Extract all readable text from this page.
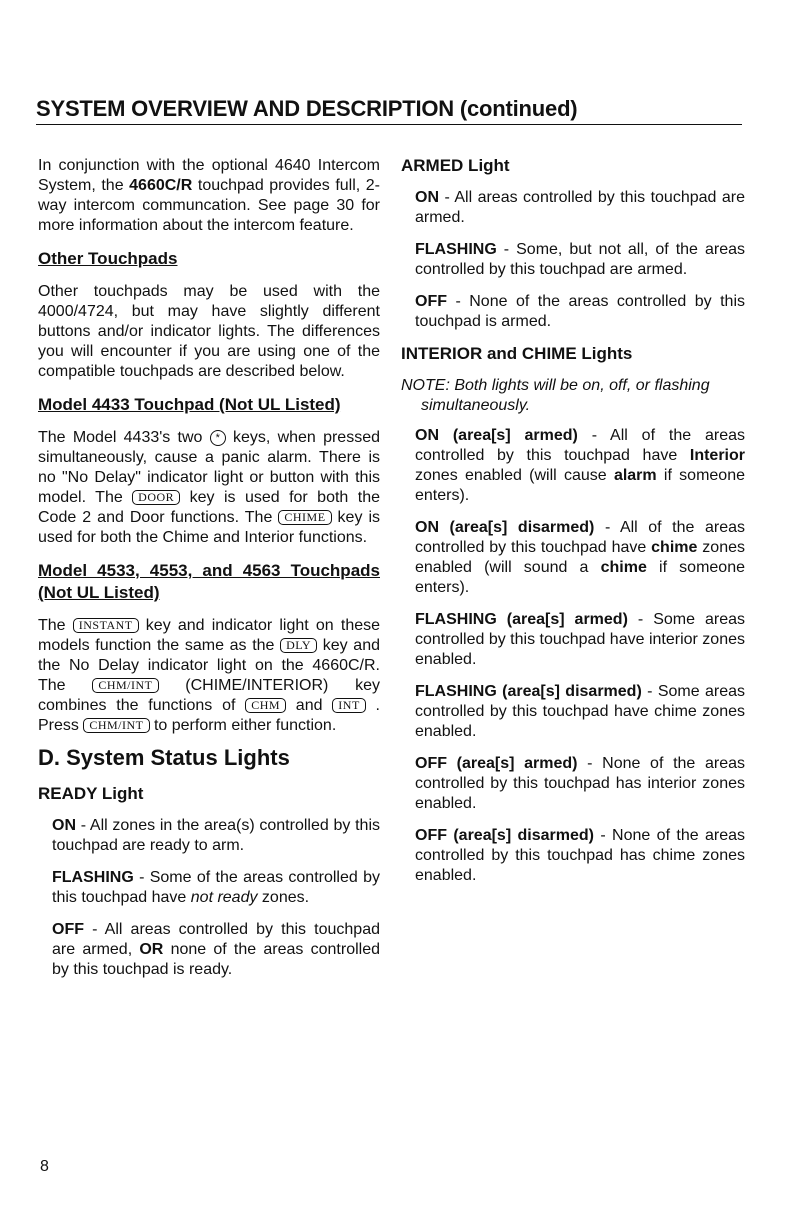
SYSTEM OVERVIEW AND DESCRIPTION (continued)

In conjunction with the optional 4640 Intercom System, the 4660C/R touchpad provides full, 2-way intercom communcation. See page 30 for more information about the intercom feature.

Other Touchpads

Other touchpads may be used with the 4000/4724, but may have slightly different buttons and/or indicator lights. The differences you will encounter if you are using one of the compatible touchpads are described below.

Model 4433 Touchpad (Not UL Listed)

The Model 4433's two * keys, when pressed simultaneously, cause a panic alarm. There is no "No Delay" indicator light or button with this model. The DOOR key is used for both the Code 2 and Door functions. The CHIME key is used for both the Chime and Interior functions.

Model 4533, 4553, and 4563 Touchpads (Not UL Listed)

The INSTANT key and indicator light on these models function the same as the DLY key and the No Delay indicator light on the 4660C/R. The CHM/INT (CHIME/INTERIOR) key combines the functions of CHM and INT . Press CHM/INT to perform either function.

D. System Status Lights
READY Light

ON - All zones in the area(s) controlled by this touchpad are ready to arm.

FLASHING - Some of the areas controlled by this touchpad have not ready zones.

OFF - All areas controlled by this touchpad are armed, OR none of the areas controlled by this touchpad is ready.

ARMED Light

ON - All areas controlled by this touchpad are armed.

FLASHING - Some, but not all, of the areas controlled by this touchpad are armed.

OFF - None of the areas controlled by this touchpad is armed.

INTERIOR and CHIME Lights

NOTE: Both lights will be on, off, or flashing
simultaneously.

ON (area[s] armed) - All of the areas controlled by this touchpad have Interior zones enabled (will cause alarm if someone enters).

ON (area[s] disarmed) - All of the areas controlled by this touchpad have chime zones enabled (will sound a chime if someone enters).

FLASHING (area[s] armed) - Some areas controlled by this touchpad have interior zones enabled.

FLASHING (area[s] disarmed) - Some areas controlled by this touchpad have chime zones enabled.

OFF (area[s] armed) - None of the areas controlled by this touchpad has interior zones enabled.

OFF (area[s] disarmed) - None of the areas controlled by this touchpad has chime zones enabled.

8
